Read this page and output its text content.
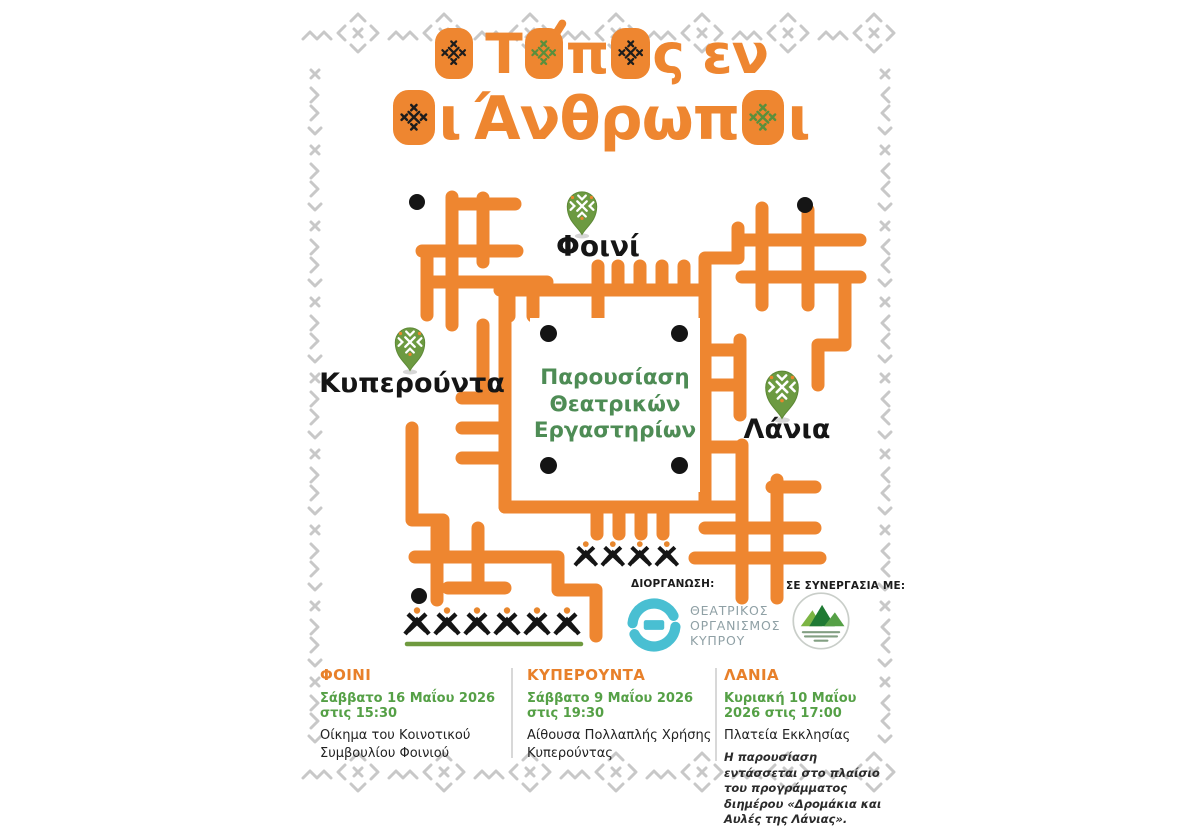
Τ π ς εν
ι Άνθρωπ ι
Φοινί
Κυπερούντα
Λάνια
Παρουσίαση
Θεατρικών
Εργαστηρίων
ΔΙΟΡΓΑΝΩΣΗ:
ΘΕΑΤΡΙΚΟΣ
ΟΡΓΑΝΙΣΜΟΣ
ΚΥΠΡΟΥ
ΣΕ ΣΥΝΕΡΓΑΣΙΑ ΜΕ:
ΦΟΙΝΙ
Σάββατο 16 Μαΐου 2026 στις 15:30
Οίκημα του Κοινοτικού Συμβουλίου Φοινιού
ΚΥΠΕΡΟΥΝΤΑ
Σάββατο 9 Μαΐου 2026 στις 19:30
Αίθουσα Πολλαπλής Χρήσης Κυπερούντας
ΛΑΝΙΑ
Κυριακή 10 Μαΐου 2026 στις 17:00
Πλατεία Εκκλησίας
Η παρουσίαση εντάσσεται στο πλαίσιο του προγράμματος διημέρου «Δρομάκια και Αυλές της Λάνιας».
